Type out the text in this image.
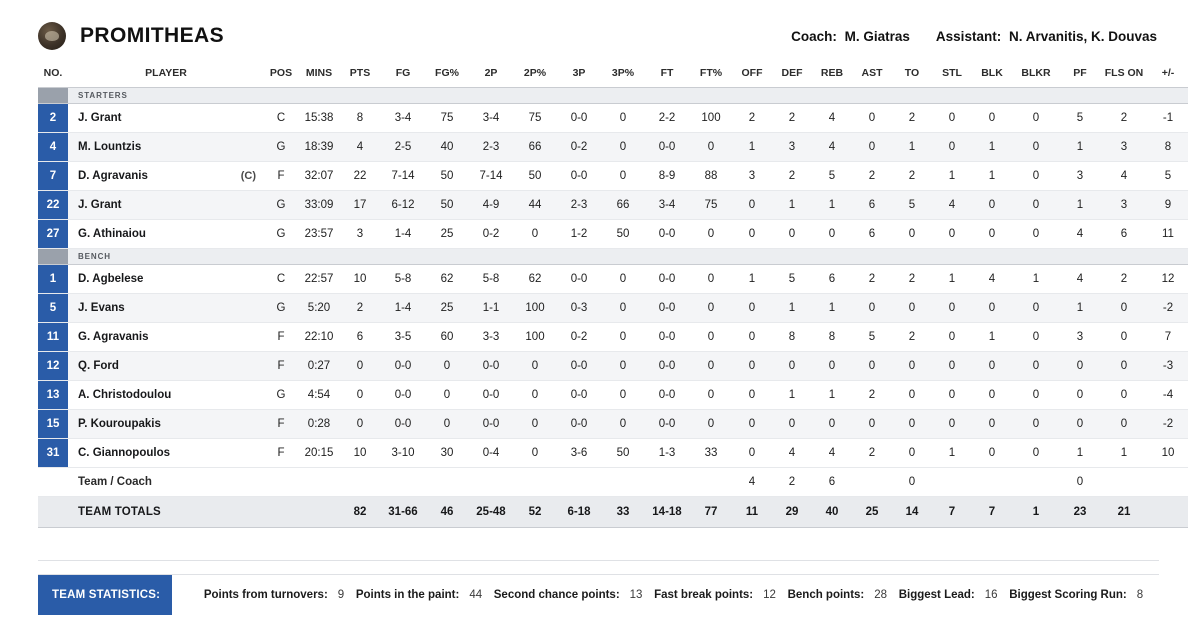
PROMITHEAS	Coach: M. Giatras Assistant: N. Arvanitis, K. Douvas
NO.	PLAYER	POS	MINS	PTS	FG	FG%	2P	2P%	3P	3P%	FT	FT%	OFF	DEF	REB	AST	TO	STL	BLK	BLKR	PF	FLS ON	+/-

STARTERS																							

2	J. Grant	C	15:38	8	3-4	75	3-4	75	0-0	0	2-2	100	2	2	4	0	2	0	0	0	5	2	-1

4	M. Lountzis	G	18:39	4	2-5	40	2-3	66	0-2	0	0-0	0	1	3	4	0	1	0	1	0	1	3	8

7	D. Agravanis (C)	F	32:07	22	7-14	50	7-14	50	0-0	0	8-9	88	3	2	5	2	2	1	1	0	3	4	5

22	J. Grant	G	33:09	17	6-12	50	4-9	44	2-3	66	3-4	75	0	1	1	6	5	4	0	0	1	3	9

27	G. Athinaiou	G	23:57	3	1-4	25	0-2	0	1-2	50	0-0	0	0	0	0	6	0	0	0	0	4	6	11

BENCH																							

1	D. Agbelese	C	22:57	10	5-8	62	5-8	62	0-0	0	0-0	0	1	5	6	2	2	1	4	1	4	2	12

5	J. Evans	G	5:20	2	1-4	25	1-1	100	0-3	0	0-0	0	0	1	1	0	0	0	0	0	1	0	-2

11	G. Agravanis	F	22:10	6	3-5	60	3-3	100	0-2	0	0-0	0	0	8	8	5	2	0	1	0	3	0	7

12	Q. Ford	F	0:27	0	0-0	0	0-0	0	0-0	0	0-0	0	0	0	0	0	0	0	0	0	0	0	-3

13	A. Christodoulou	G	4:54	0	0-0	0	0-0	0	0-0	0	0-0	0	0	1	1	2	0	0	0	0	0	0	-4

15	P. Kouroupakis	F	0:28	0	0-0	0	0-0	0	0-0	0	0-0	0	0	0	0	0	0	0	0	0	0	0	-2

31	C. Giannopoulos	F	20:15	10	3-10	30	0-4	0	3-6	50	1-3	33	0	4	4	2	0	1	0	0	1	1	10
	Team / Coach												4	2	6		0				0		
	TEAM TOTALS			82	31-66	46	25-48	52	6-18	33	14-18	77	11	29	40	25	14	7	7	1	23	21	
TEAM STATISTICS:	Points from turnovers: 9 Points in the paint: 44 Second chance points: 13 Fast break points: 12 Bench points: 28 Biggest Lead: 16 Biggest Scoring Run: 8
